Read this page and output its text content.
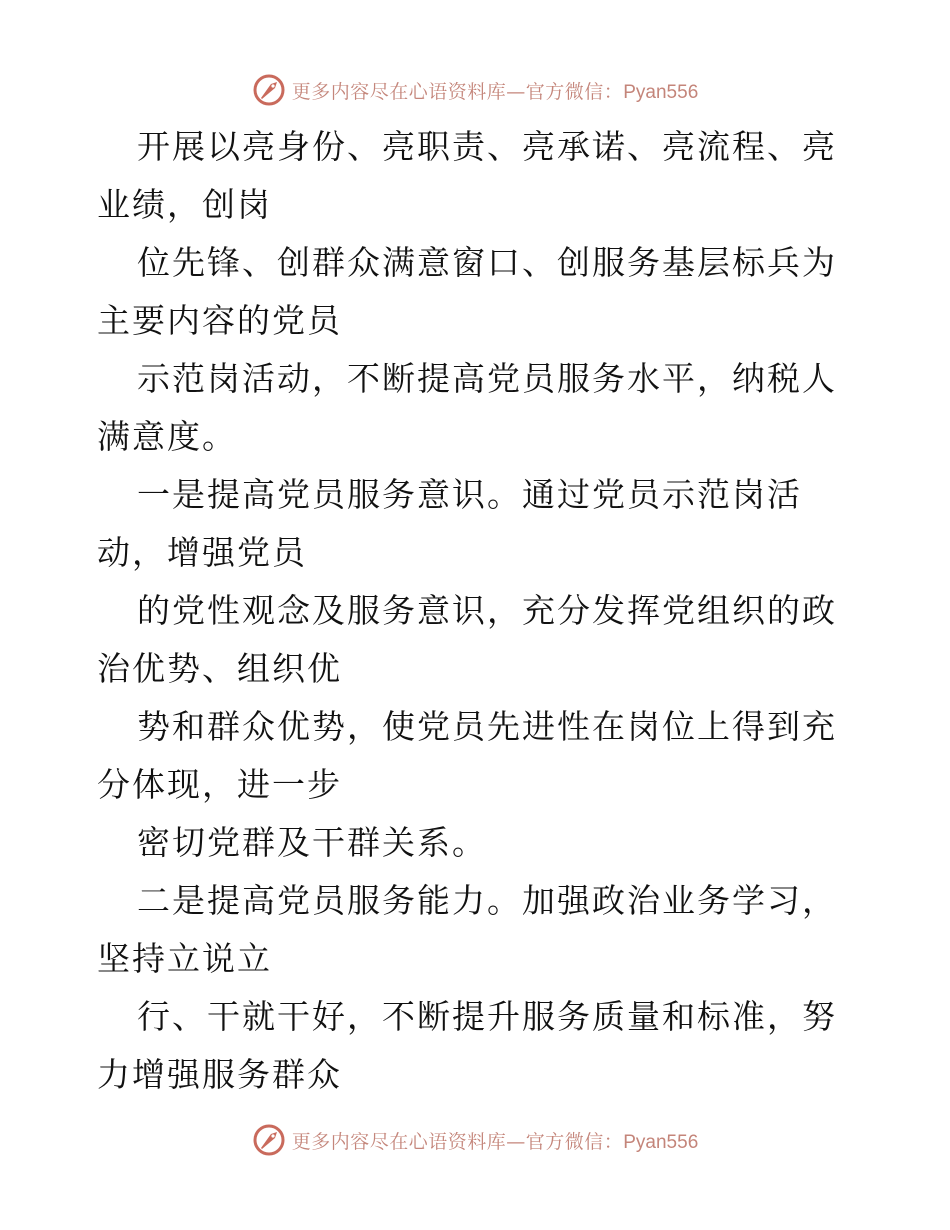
更多内容尽在心语资料库—官方微信：Pyan556

开展以亮身份、亮职责、亮承诺、亮流程、亮业绩，创岗

位先锋、创群众满意窗口、创服务基层标兵为主要内容的党员

示范岗活动，不断提高党员服务水平，纳税人满意度。

一是提高党员服务意识。通过党员示范岗活动，增强党员

的党性观念及服务意识，充分发挥党组织的政治优势、组织优

势和群众优势，使党员先进性在岗位上得到充分体现，进一步

密切党群及干群关系。

二是提高党员服务能力。加强政治业务学习，坚持立说立

行、干就干好，不断提升服务质量和标准，努力增强服务群众

更多内容尽在心语资料库—官方微信：Pyan556
